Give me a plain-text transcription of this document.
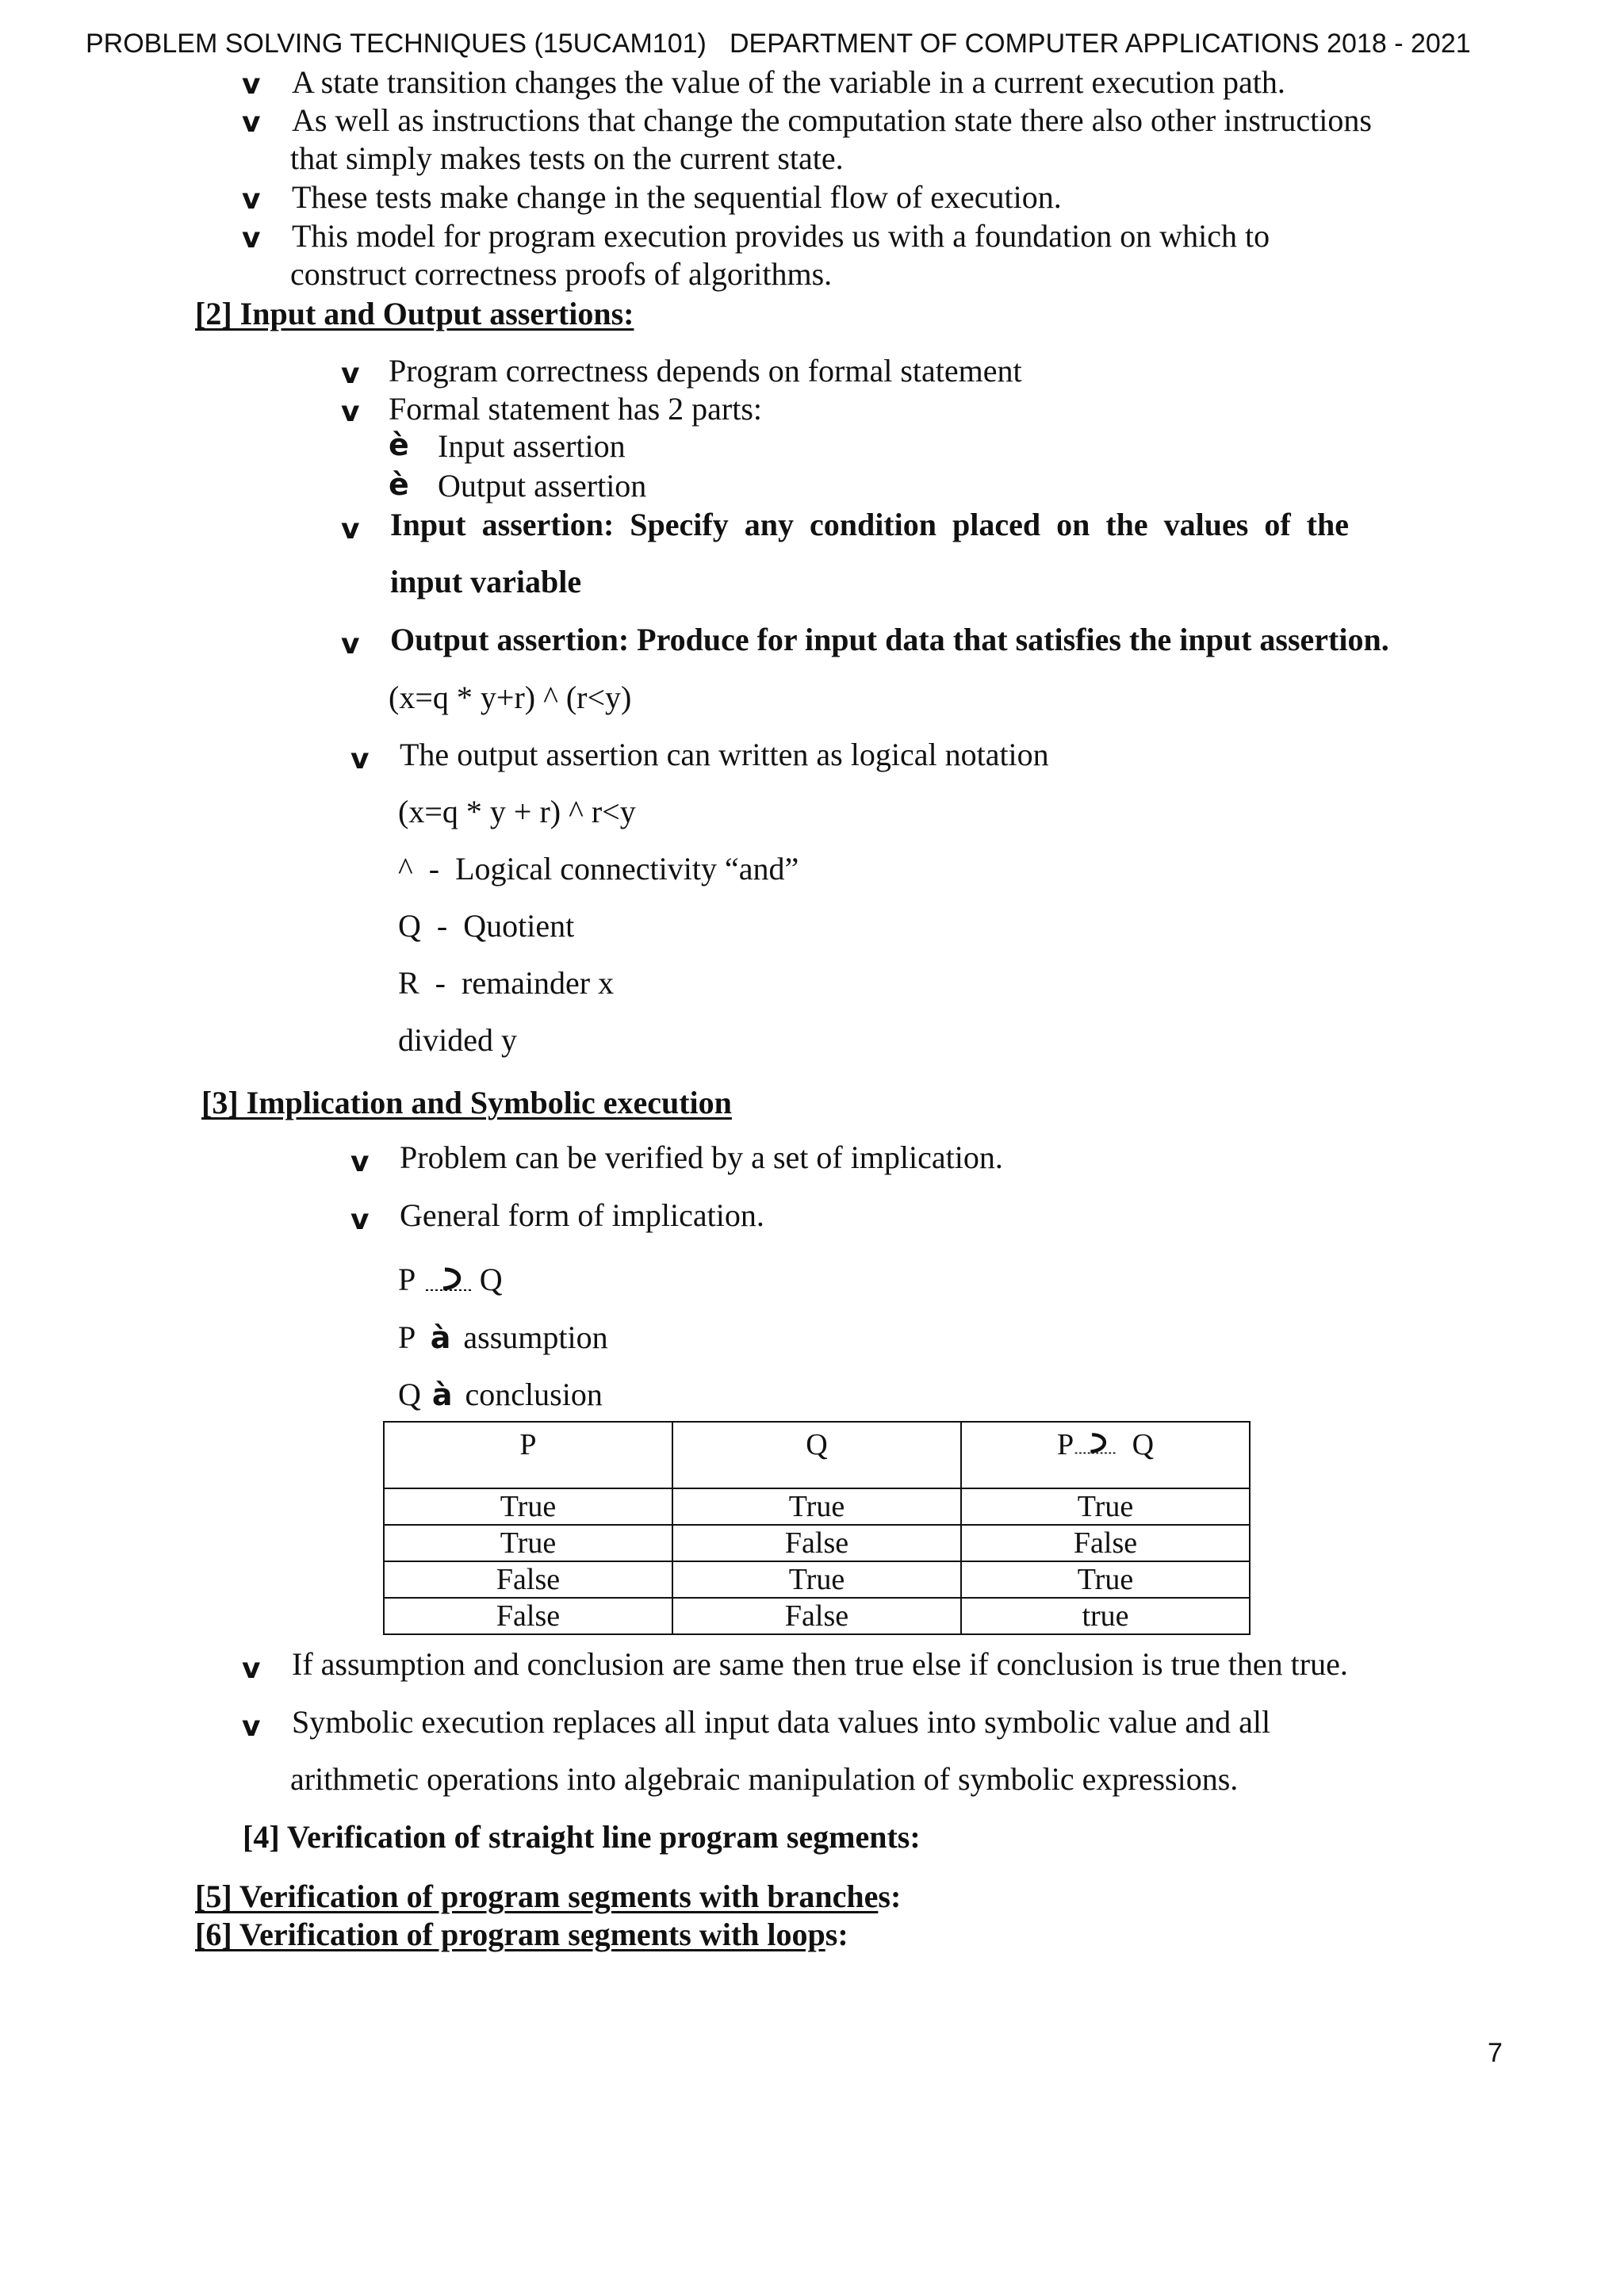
PROBLEM SOLVING TECHNIQUES (15UCAM101) DEPARTMENT OF COMPUTER APPLICATIONS 2018 - 2021
v A state transition changes the value of the variable in a current execution path.
v As well as instructions that change the computation state there also other instructions
that simply makes tests on the current state.
v These tests make change in the sequential flow of execution.
v This model for program execution provides us with a foundation on which to
construct correctness proofs of algorithms.
[2] Input and Output assertions:
v Program correctness depends on formal statement
v Formal statement has 2 parts:
è Input assertion
è Output assertion
v Input assertion: Specify any condition placed on the values of the
input variable
v Output assertion: Produce for input data that satisfies the input assertion.
(x=q * y+r) ^ (r<y)
v The output assertion can written as logical notation
(x=q * y + r) ^ r<y
^  -  Logical connectivity “and”
Q  -  Quotient
R  -  remainder x
divided y
[3] Implication and Symbolic execution
v Problem can be verified by a set of implication.
v General form of implication.
P Q
P à assumption
Q à conclusion
P	Q	P Q
True	True	True
True	False	False
False	True	True
False	False	true
v If assumption and conclusion are same then true else if conclusion is true then true.
v Symbolic execution replaces all input data values into symbolic value and all
arithmetic operations into algebraic manipulation of symbolic expressions.
[4] Verification of straight line program segments:
[5] Verification of program segments with branches:
[6] Verification of program segments with loops:
7
